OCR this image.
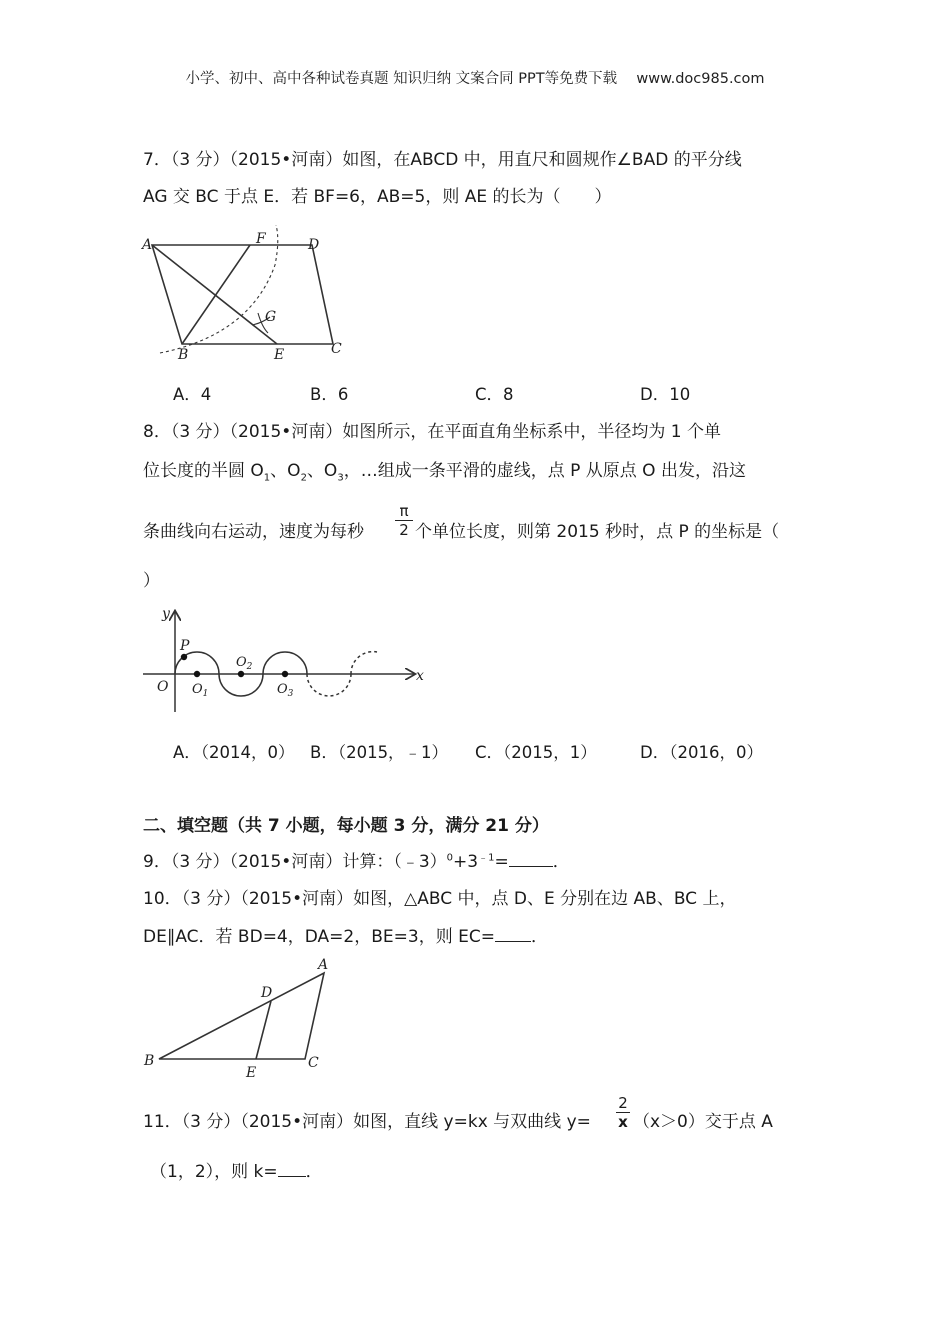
小学、初中、高中各种试卷真题 知识归纳 文案合同 PPT等免费下载 www.doc985.com
7．（3 分）（2015•河南）如图，在ABCD 中，用直尺和圆规作∠BAD 的平分线
AG 交 BC 于点 E．若 BF=6，AB=5，则 AE 的长为（　　）
A	F	D
G
B	E	C
A．4	B．6	C．8	D．10
8．（3 分）（2015•河南）如图所示，在平面直角坐标系中，半径均为 1 个单
位长度的半圆 $O_1$、$O_2$、$O_3$，…组成一条平滑的虚线，点 P 从原点 O 出发，沿这
条曲线向右运动，速度为每秒
π
2 个单位长度，则第 2015 秒时，点 P 的坐标是（
）
y
x
O
P
$O_1$
$O_2$
$O_3$
A．（2014，0） B．（2015，﹣1） C．（2015，1）	D．（2016，0）
二、填空题（共 7 小题，每小题 3 分，满分 21 分）
9．（3 分）（2015•河南）计算：$(﹣3)^0+3^{﹣1}=$	．
10．（3 分）（2015•河南）如图，△ABC 中，点 D、E 分别在边 AB、BC 上，
DE∥AC．若 BD=4，DA=2，BE=3，则 EC= ．
A
D
B
E
C
11．（3 分）（2015•河南）如图，直线 y=kx 与双曲线 y=
2
x （x＞0）交于点 A
（1，2），则 k= ．
